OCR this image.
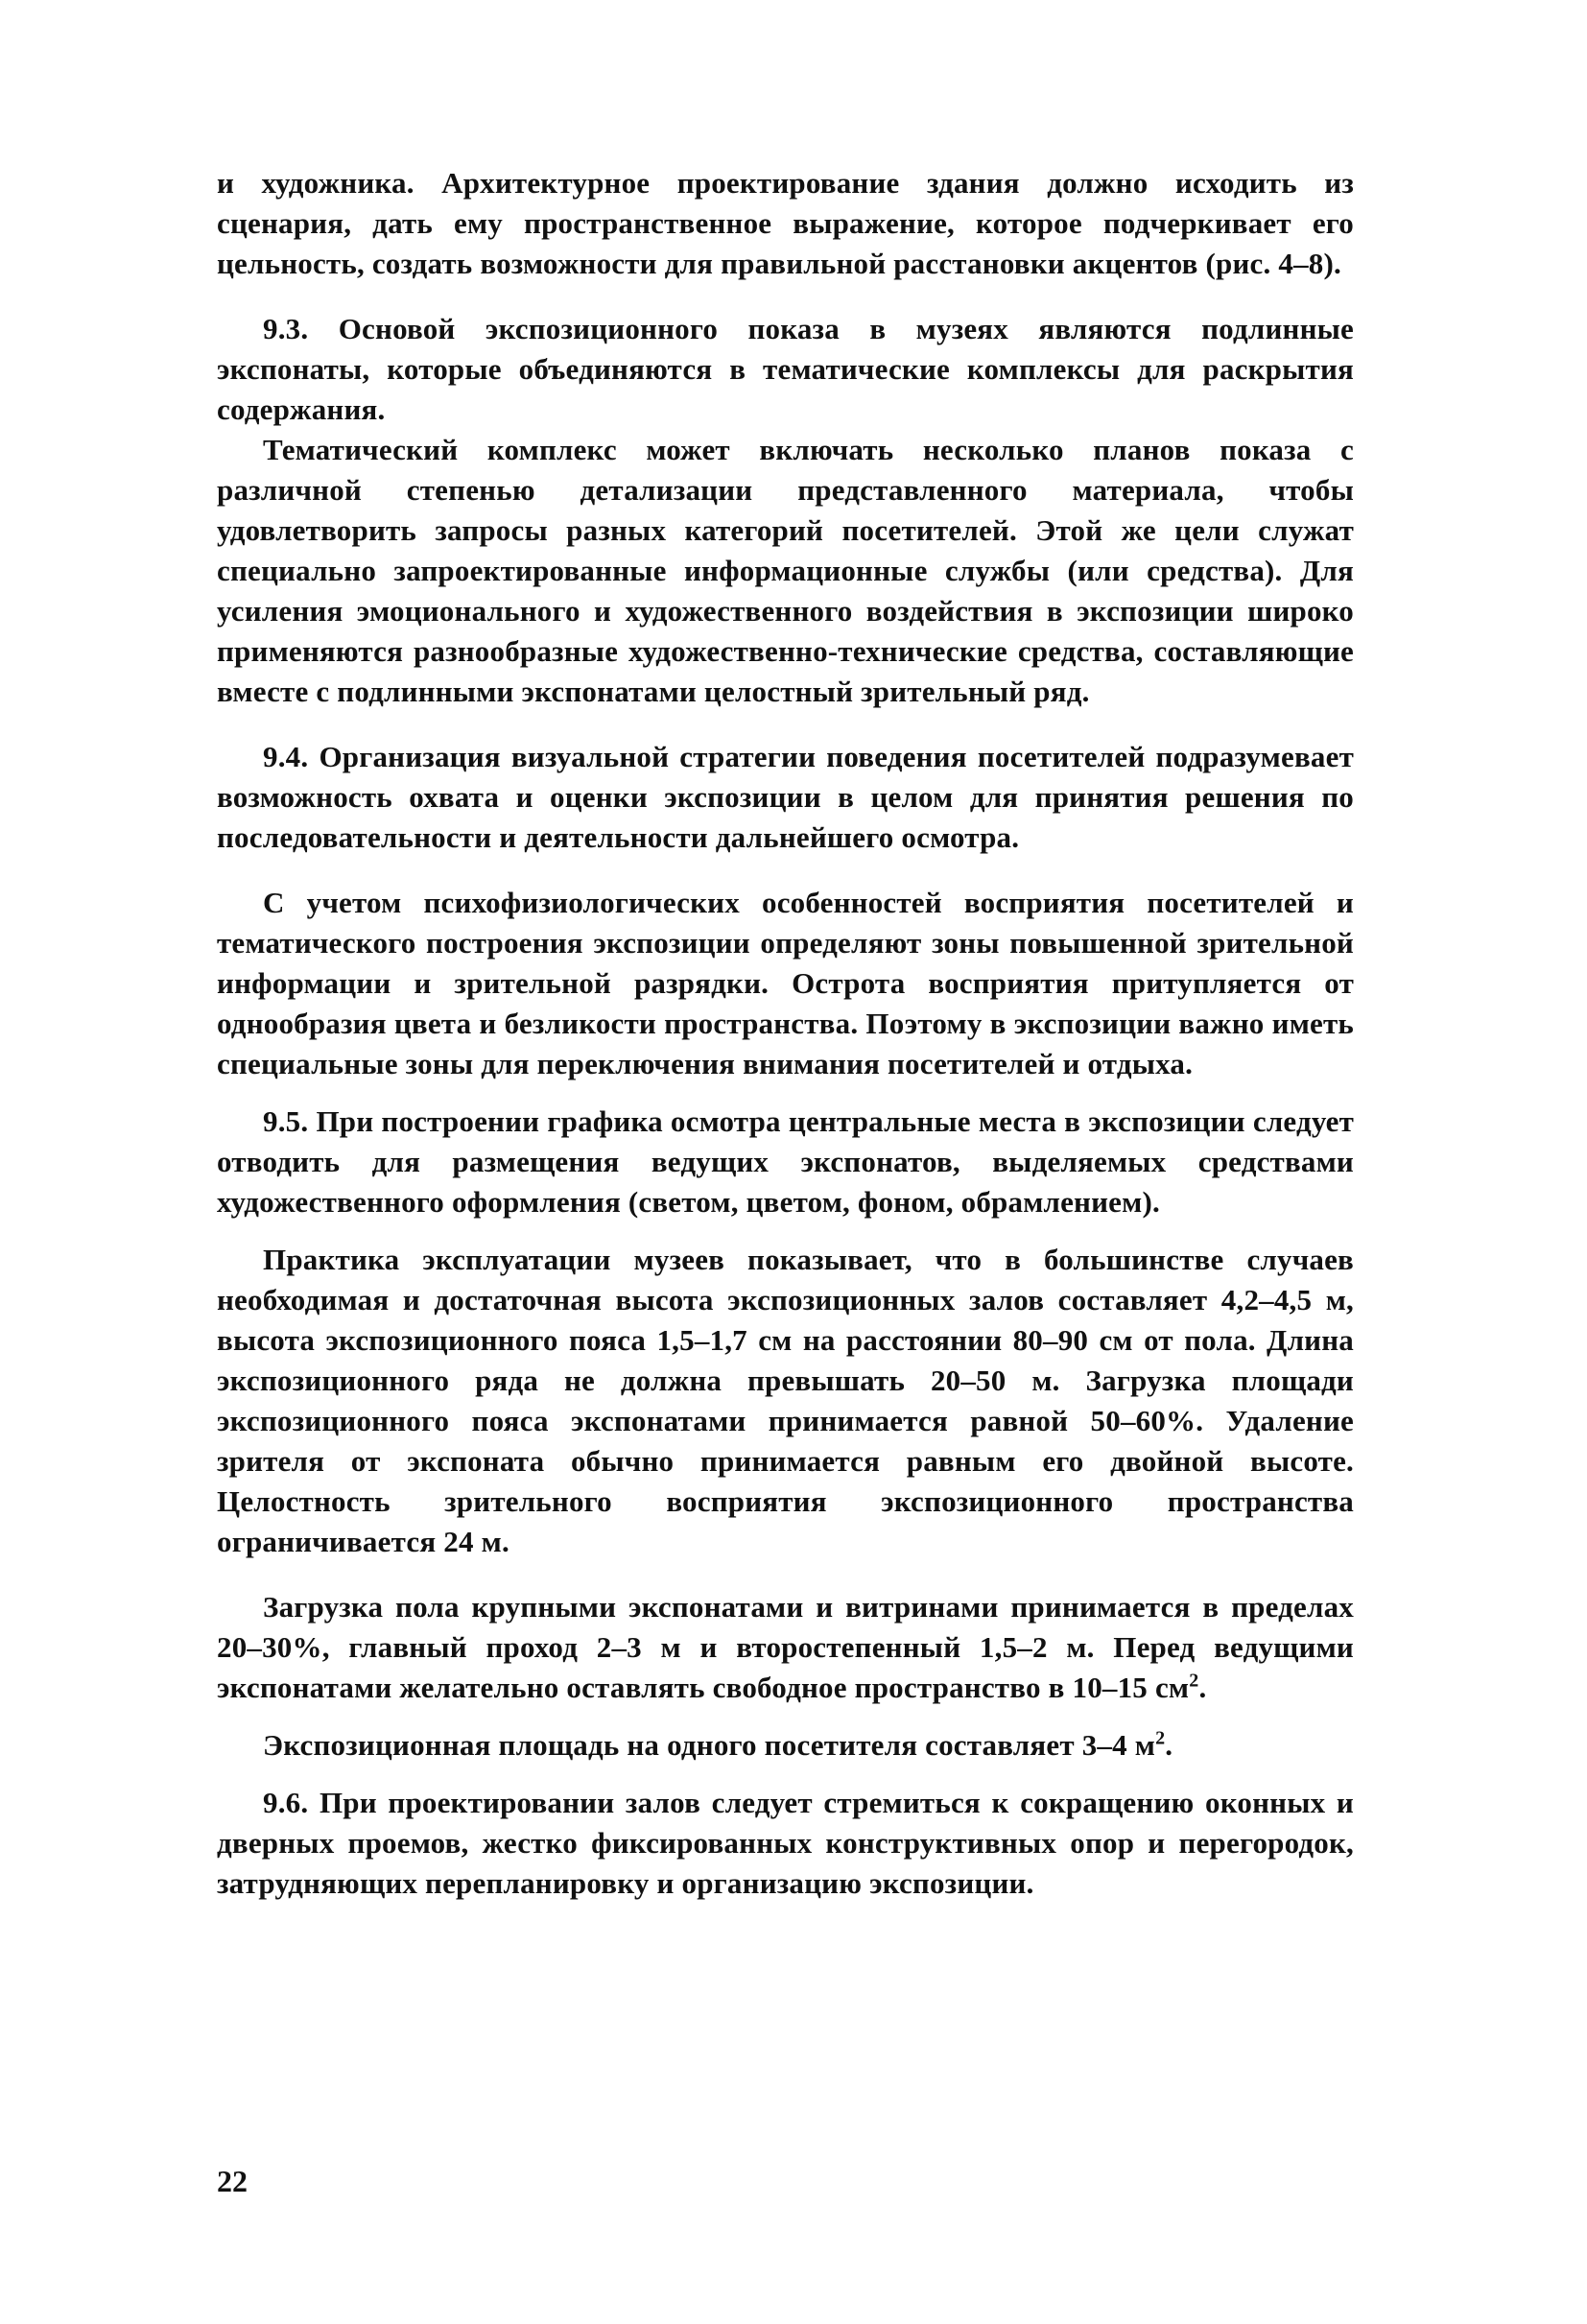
и художника. Архитектурное проектирование здания должно исходить из сценария, дать ему пространственное выражение, которое подчеркивает его цельность, создать возможности для правильной расстановки акцентов (рис. 4–8).

9.3. Основой экспозиционного показа в музеях являются подлинные экспонаты, которые объединяются в тематические комплексы для раскрытия содержания.

Тематический комплекс может включать несколько планов показа с различной степенью детализации представленного материала, чтобы удовлетворить запросы разных категорий посетителей. Этой же цели служат специально запроектированные информационные службы (или средства). Для усиления эмоционального и художественного воздействия в экспозиции широко применяются разнообразные художественно-технические средства, составляющие вместе с подлинными экспонатами целостный зрительный ряд.

9.4. Организация визуальной стратегии поведения посетителей подразумевает возможность охвата и оценки экспозиции в целом для принятия решения по последовательности и деятельности дальнейшего осмотра.

С учетом психофизиологических особенностей восприятия посетителей и тематического построения экспозиции определяют зоны повышенной зрительной информации и зрительной разрядки. Острота восприятия притупляется от однообразия цвета и безликости пространства. Поэтому в экспозиции важно иметь специальные зоны для переключения внимания посетителей и отдыха.

9.5. При построении графика осмотра центральные места в экспозиции следует отводить для размещения ведущих экспонатов, выделяемых средствами художественного оформления (светом, цветом, фоном, обрамлением).

Практика эксплуатации музеев показывает, что в большинстве случаев необходимая и достаточная высота экспозиционных залов составляет 4,2–4,5 м, высота экспозиционного пояса 1,5–1,7 см на расстоянии 80–90 см от пола. Длина экспозиционного ряда не должна превышать 20–50 м. Загрузка площади экспозиционного пояса экспонатами принимается равной 50–60%. Удаление зрителя от экспоната обычно принимается равным его двойной высоте. Целостность зрительного восприятия экспозиционного пространства ограничивается 24 м.

Загрузка пола крупными экспонатами и витринами принимается в пределах 20–30%, главный проход 2–3 м и второстепенный 1,5–2 м. Перед ведущими экспонатами желательно оставлять свободное пространство в 10–15 $см^2$.

Экспозиционная площадь на одного посетителя составляет 3–4 $м^2$.

9.6. При проектировании залов следует стремиться к сокращению оконных и дверных проемов, жестко фиксированных конструктивных опор и перегородок, затрудняющих перепланировку и организацию экспозиции.

22
